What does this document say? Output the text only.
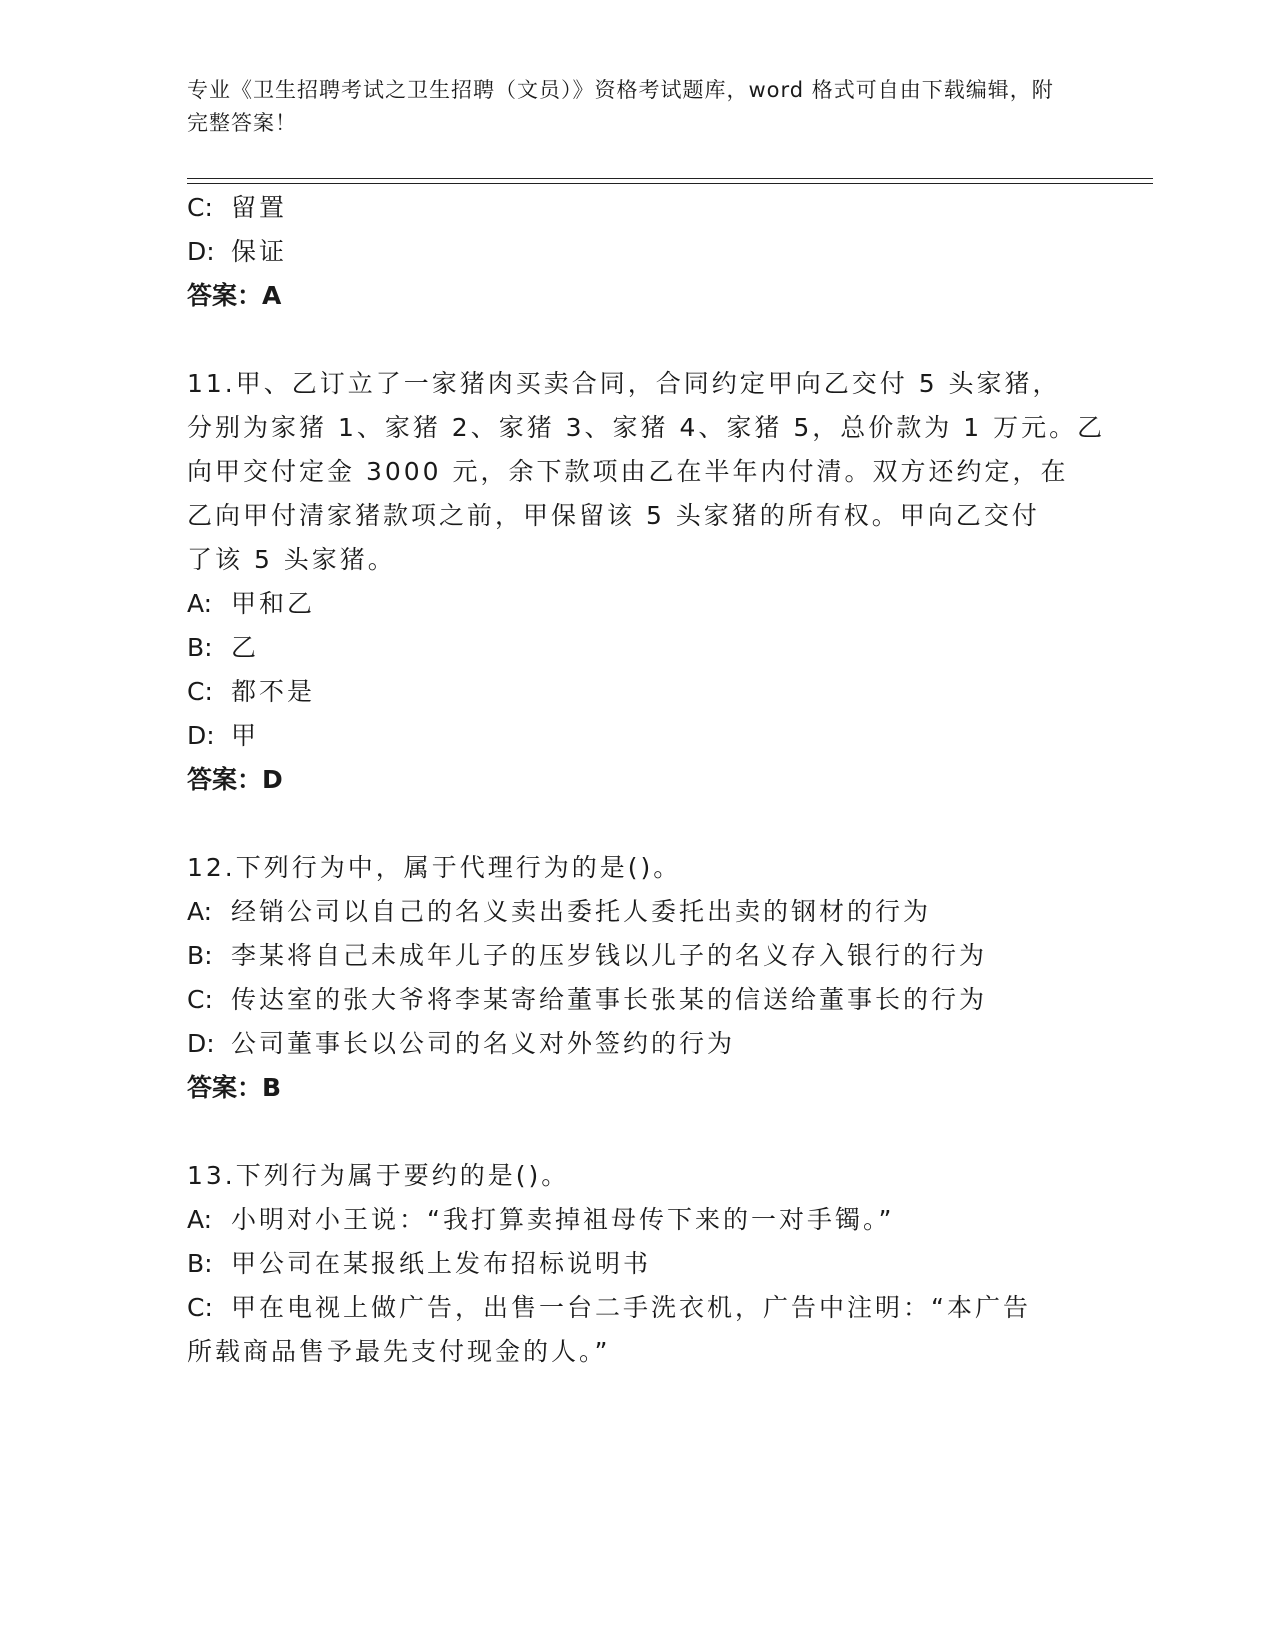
专业《卫生招聘考试之卫生招聘（文员）》资格考试题库，word 格式可自由下载编辑，附完整答案！
C: 留置
D: 保证
答案：A
11.甲、乙订立了一家猪肉买卖合同，合同约定甲向乙交付 5 头家猪，
分别为家猪 1、家猪 2、家猪 3、家猪 4、家猪 5，总价款为 1 万元。乙
向甲交付定金 3000 元，余下款项由乙在半年内付清。双方还约定，在
乙向甲付清家猪款项之前，甲保留该 5 头家猪的所有权。甲向乙交付
了该 5 头家猪。
A: 甲和乙
B: 乙
C: 都不是
D: 甲
答案：D
12.下列行为中，属于代理行为的是()。
A: 经销公司以自己的名义卖出委托人委托出卖的钢材的行为
B: 李某将自己未成年儿子的压岁钱以儿子的名义存入银行的行为
C: 传达室的张大爷将李某寄给董事长张某的信送给董事长的行为
D: 公司董事长以公司的名义对外签约的行为
答案：B
13.下列行为属于要约的是()。
A: 小明对小王说：“我打算卖掉祖母传下来的一对手镯。”
B: 甲公司在某报纸上发布招标说明书
C: 甲在电视上做广告，出售一台二手洗衣机，广告中注明：“本广告
所载商品售予最先支付现金的人。”
